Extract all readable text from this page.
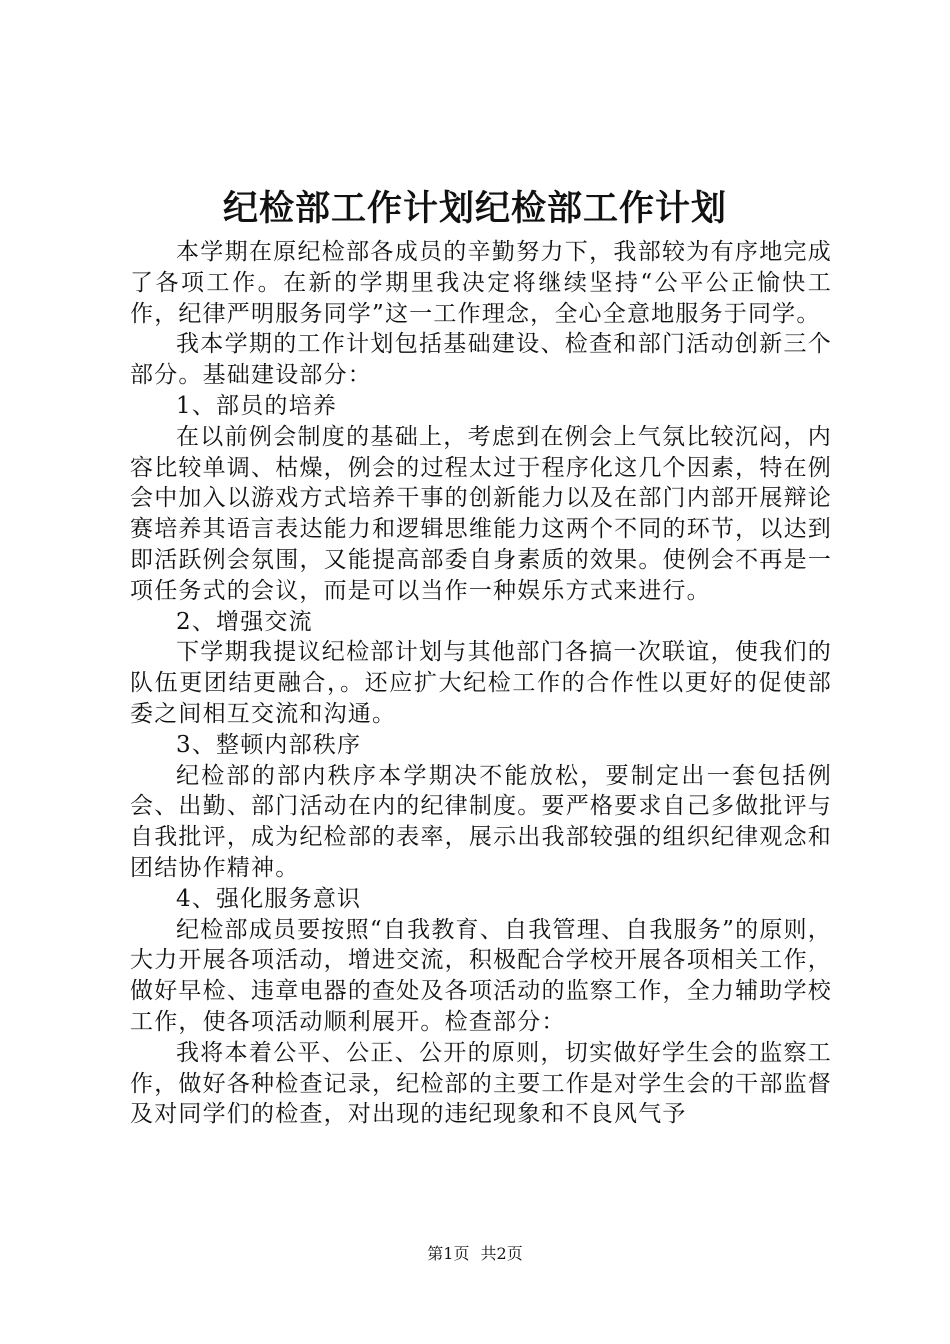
纪检部工作计划纪检部工作计划

本学期在原纪检部各成员的辛勤努力下，我部较为有序地完成了各项工作。在新的学期里我决定将继续坚持“公平公正愉快工作，纪律严明服务同学”这一工作理念，全心全意地服务于同学。

我本学期的工作计划包括基础建设、检查和部门活动创新三个部分。基础建设部分：

1、部员的培养

在以前例会制度的基础上，考虑到在例会上气氛比较沉闷，内容比较单调、枯燥，例会的过程太过于程序化这几个因素，特在例会中加入以游戏方式培养干事的创新能力以及在部门内部开展辩论赛培养其语言表达能力和逻辑思维能力这两个不同的环节，以达到即活跃例会氛围，又能提高部委自身素质的效果。使例会不再是一项任务式的会议，而是可以当作一种娱乐方式来进行。

2、增强交流

下学期我提议纪检部计划与其他部门各搞一次联谊，使我们的队伍更团结更融合，。还应扩大纪检工作的合作性以更好的促使部委之间相互交流和沟通。

3、整顿内部秩序

纪检部的部内秩序本学期决不能放松，要制定出一套包括例会、出勤、部门活动在内的纪律制度。要严格要求自己多做批评与自我批评，成为纪检部的表率，展示出我部较强的组织纪律观念和团结协作精神。

4、强化服务意识

纪检部成员要按照“自我教育、自我管理、自我服务”的原则，大力开展各项活动，增进交流，积极配合学校开展各项相关工作，做好早检、违章电器的查处及各项活动的监察工作，全力辅助学校工作，使各项活动顺利展开。检查部分：

我将本着公平、公正、公开的原则，切实做好学生会的监察工作，做好各种检查记录，纪检部的主要工作是对学生会的干部监督及对同学们的检查，对出现的违纪现象和不良风气予

第1页 共2页
